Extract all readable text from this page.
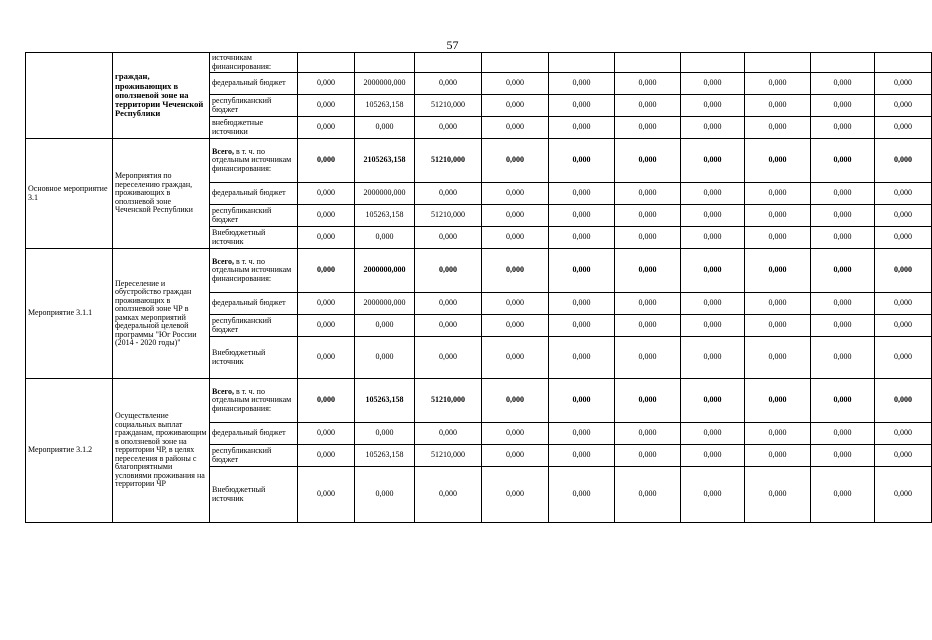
57
	граждан, проживающих в оползневой зоне на территории Чеченской Республики	источникам финансирования:										
		федеральный бюджет	0,000	2000000,000	0,000	0,000	0,000	0,000	0,000	0,000	0,000	0,000
		республиканский бюджет	0,000	105263,158	51210,000	0,000	0,000	0,000	0,000	0,000	0,000	0,000
		внебюджетные источники	0,000	0,000	0,000	0,000	0,000	0,000	0,000	0,000	0,000	0,000
Основное мероприятие 3.1	Мероприятия по переселению граждан, проживающих в оползневой зоне Чеченской Республики	Всего, в т. ч. по отдельным источникам финансирования:	0,000	2105263,158	51210,000	0,000	0,000	0,000	0,000	0,000	0,000	0,000
		федеральный бюджет	0,000	2000000,000	0,000	0,000	0,000	0,000	0,000	0,000	0,000	0,000
		республиканский бюджет	0,000	105263,158	51210,000	0,000	0,000	0,000	0,000	0,000	0,000	0,000
		Внебюджетный источник	0,000	0,000	0,000	0,000	0,000	0,000	0,000	0,000	0,000	0,000
Мероприятие 3.1.1	Переселение и обустройство граждан проживающих в оползневой зоне ЧР в рамках мероприятий федеральной целевой программы "Юг России (2014 - 2020 годы)"	Всего, в т. ч. по отдельным источникам финансирования:	0,000	2000000,000	0,000	0,000	0,000	0,000	0,000	0,000	0,000	0,000
		федеральный бюджет	0,000	2000000,000	0,000	0,000	0,000	0,000	0,000	0,000	0,000	0,000
		республиканский бюджет	0,000	0,000	0,000	0,000	0,000	0,000	0,000	0,000	0,000	0,000
		Внебюджетный источник	0,000	0,000	0,000	0,000	0,000	0,000	0,000	0,000	0,000	0,000
Мероприятие 3.1.2	Осуществление социальных выплат гражданам, проживающим в оползневой зоне на территории ЧР, в целях переселения в районы с благоприятными условиями проживания на территории ЧР	Всего, в т. ч. по отдельным источникам финансирования:	0,000	105263,158	51210,000	0,000	0,000	0,000	0,000	0,000	0,000	0,000
		федеральный бюджет	0,000	0,000	0,000	0,000	0,000	0,000	0,000	0,000	0,000	0,000
		республиканский бюджет	0,000	105263,158	51210,000	0,000	0,000	0,000	0,000	0,000	0,000	0,000
		Внебюджетный источник	0,000	0,000	0,000	0,000	0,000	0,000	0,000	0,000	0,000	0,000
